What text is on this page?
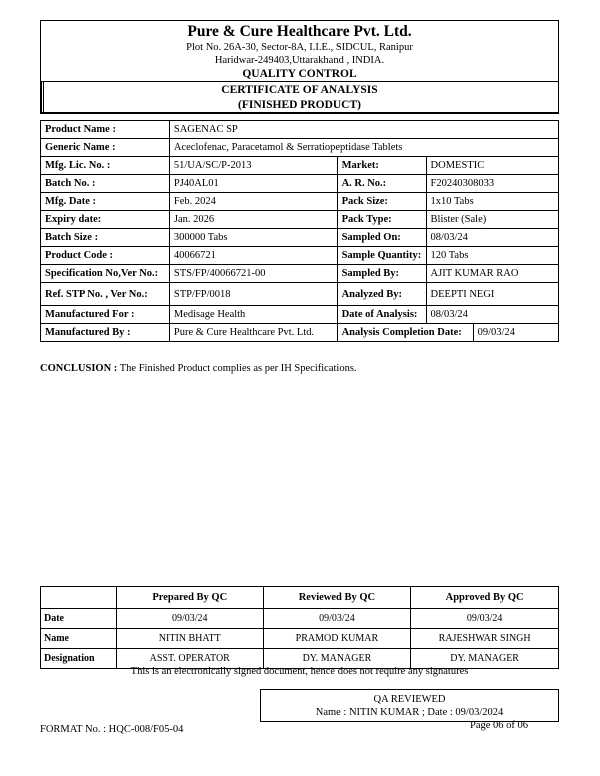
Pure & Cure Healthcare Pvt. Ltd.
Plot No. 26A-30, Sector-8A, I.I.E., SIDCUL, Ranipur
Haridwar-249403,Uttarakhand , INDIA.
QUALITY CONTROL
CERTIFICATE OF ANALYSIS
(FINISHED PRODUCT)
Product Name :	SAGENAC SP		
Generic Name :	Aceclofenac, Paracetamol & Serratiopeptidase Tablets		
Mfg. Lic. No. :	51/UA/SC/P-2013	Market:	DOMESTIC
Batch No. :	PJ40AL01	A. R. No.:	F20240308033
Mfg. Date :	Feb. 2024	Pack Size:	1x10 Tabs
Expiry date:	Jan. 2026	Pack Type:	Blister (Sale)
Batch Size :	300000 Tabs	Sampled On:	08/03/24
Product Code :	40066721	Sample Quantity:	120 Tabs
Specification No,Ver No.:	STS/FP/40066721-00	Sampled By:	AJIT KUMAR RAO
Ref. STP No. , Ver No.:	STP/FP/0018	Analyzed By:	DEEPTI NEGI
Manufactured For :	Medisage Health	Date of Analysis:	08/03/24
Manufactured By :	Pure & Cure Healthcare Pvt. Ltd.	Analysis Completion Date: 09/03/24	
CONCLUSION : The Finished Product complies as per IH Specifications.
	Prepared By QC	Reviewed By QC	Approved By QC
Date	09/03/24	09/03/24	09/03/24
Name	NITIN BHATT	PRAMOD KUMAR	RAJESHWAR SINGH
Designation	ASST. OPERATOR	DY. MANAGER	DY. MANAGER
This is an electronically signed document, hence does not require any signatures
QA REVIEWED
Name : NITIN KUMAR ; Date : 09/03/2024
FORMAT No. : HQC-008/F05-04	Page 06 of 06
